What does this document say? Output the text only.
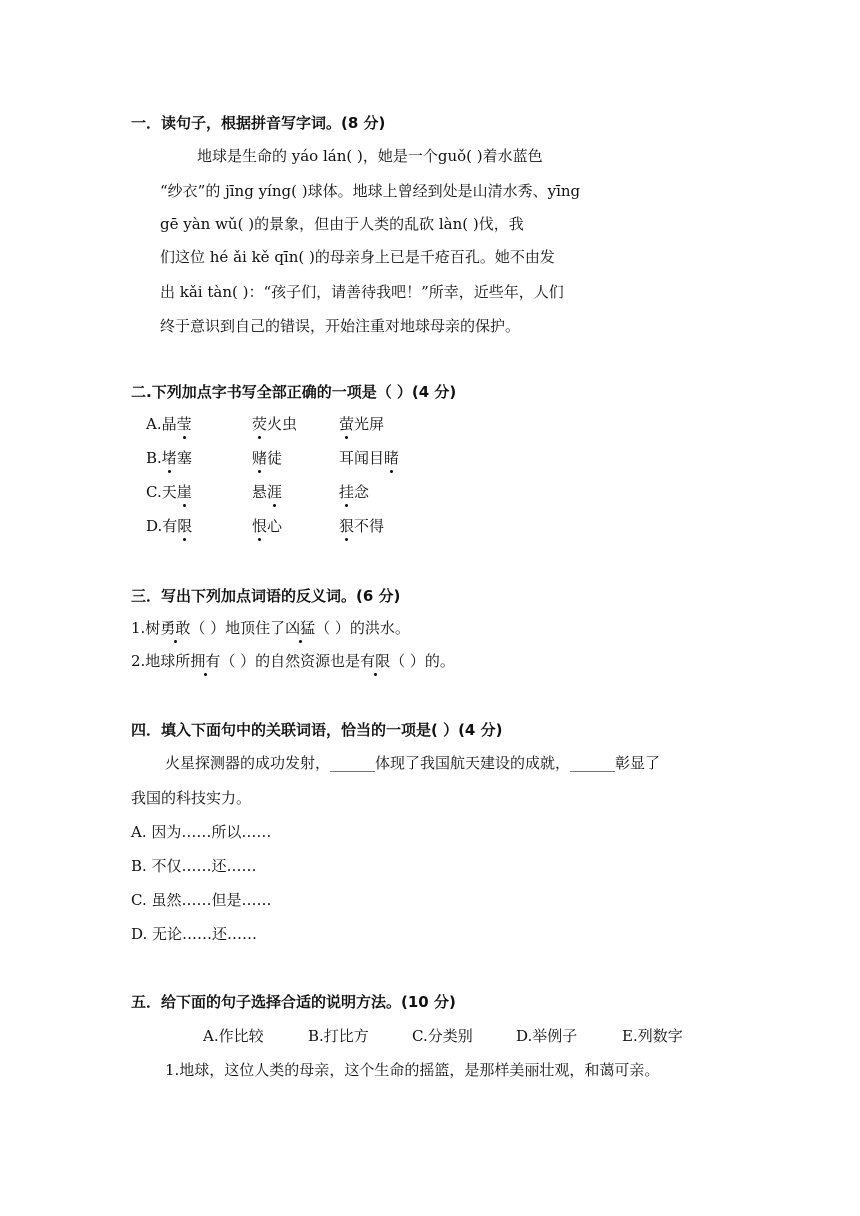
一．读句子，根据拼音写字词。(8 分)
地球是生命的 yáo lán( )，她是一个guǒ( )着水蓝色
“纱衣”的 jīng yíng( )球体。地球上曾经到处是山清水秀、yīng
gē yàn wǔ( )的景象，但由于人类的乱砍 làn( )伐，我
们这位 hé ǎi kě qīn( )的母亲身上已是千疮百孔。她不由发
出 kǎi tàn( )：“孩子们，请善待我吧！”所幸，近些年，人们
终于意识到自己的错误，开始注重对地球母亲的保护。
二.下列加点字书写全部正确的一项是（ ）(4 分)
A.晶莹	荧火虫	萤光屏
B.堵塞	赌徒	耳闻目睹
C.天崖	悬涯	挂念
D.有限	恨心	狠不得
三．写出下列加点词语的反义词。(6 分)
1.树勇敢（ ）地顶住了凶猛（ ）的洪水。
2.地球所拥有（ ）的自然资源也是有限（ ）的。
四．填入下面句中的关联词语，恰当的一项是( ）(4 分)
火星探测器的成功发射，______体现了我国航天建设的成就，______彰显了
我国的科技实力。
A. 因为……所以……
B. 不仅……还……
C. 虽然……但是……
D. 无论……还……
五．给下面的句子选择合适的说明方法。(10 分)
A.作比较	B.打比方	C.分类别	D.举例子	E.列数字
1.地球，这位人类的母亲，这个生命的摇篮，是那样美丽壮观，和蔼可亲。
